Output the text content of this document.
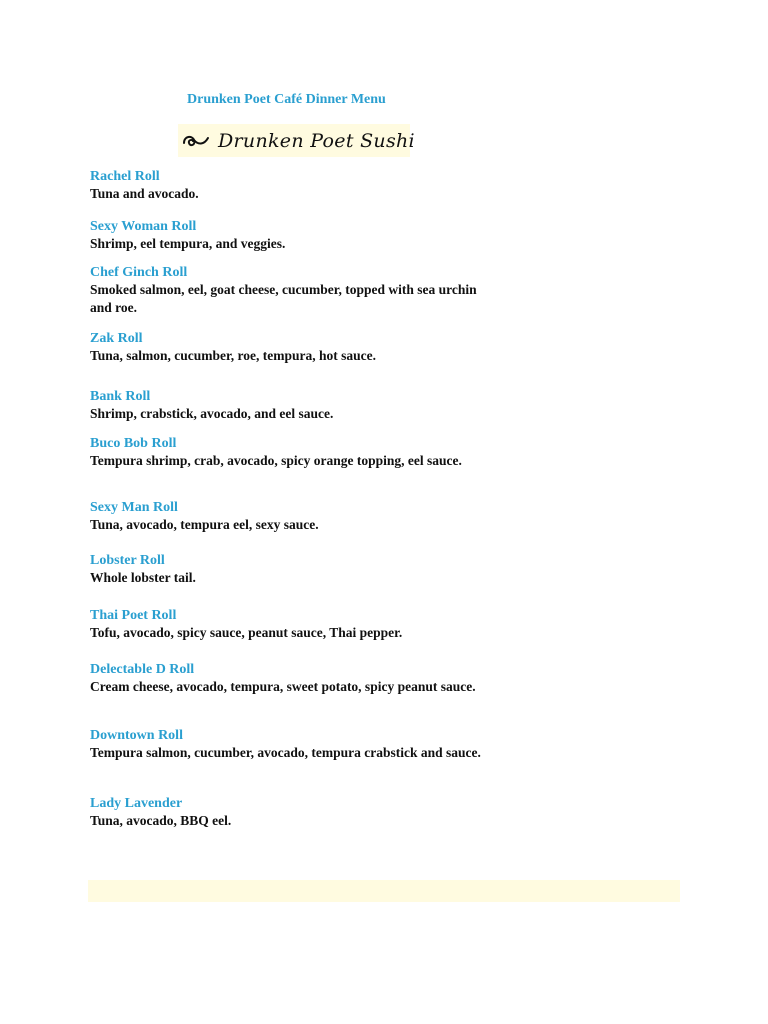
Drunken Poet Café Dinner Menu
Drunken Poet Sushi
Rachel Roll
Tuna and avocado.
Sexy Woman Roll
Shrimp, eel tempura, and veggies.
Chef Ginch Roll
Smoked salmon, eel, goat cheese, cucumber, topped with sea urchin and roe.
Zak Roll
Tuna, salmon, cucumber, roe, tempura, hot sauce.
Bank Roll
Shrimp, crabstick, avocado, and eel sauce.
Buco Bob Roll
Tempura shrimp, crab, avocado, spicy orange topping, eel sauce.
Sexy Man Roll
Tuna, avocado, tempura eel, sexy sauce.
Lobster Roll
Whole lobster tail.
Thai Poet Roll
Tofu, avocado, spicy sauce, peanut sauce, Thai pepper.
Delectable D Roll
Cream cheese, avocado, tempura, sweet potato, spicy peanut sauce.
Downtown Roll
Tempura salmon, cucumber, avocado, tempura crabstick and sauce.
Lady Lavender
Tuna, avocado, BBQ eel.
